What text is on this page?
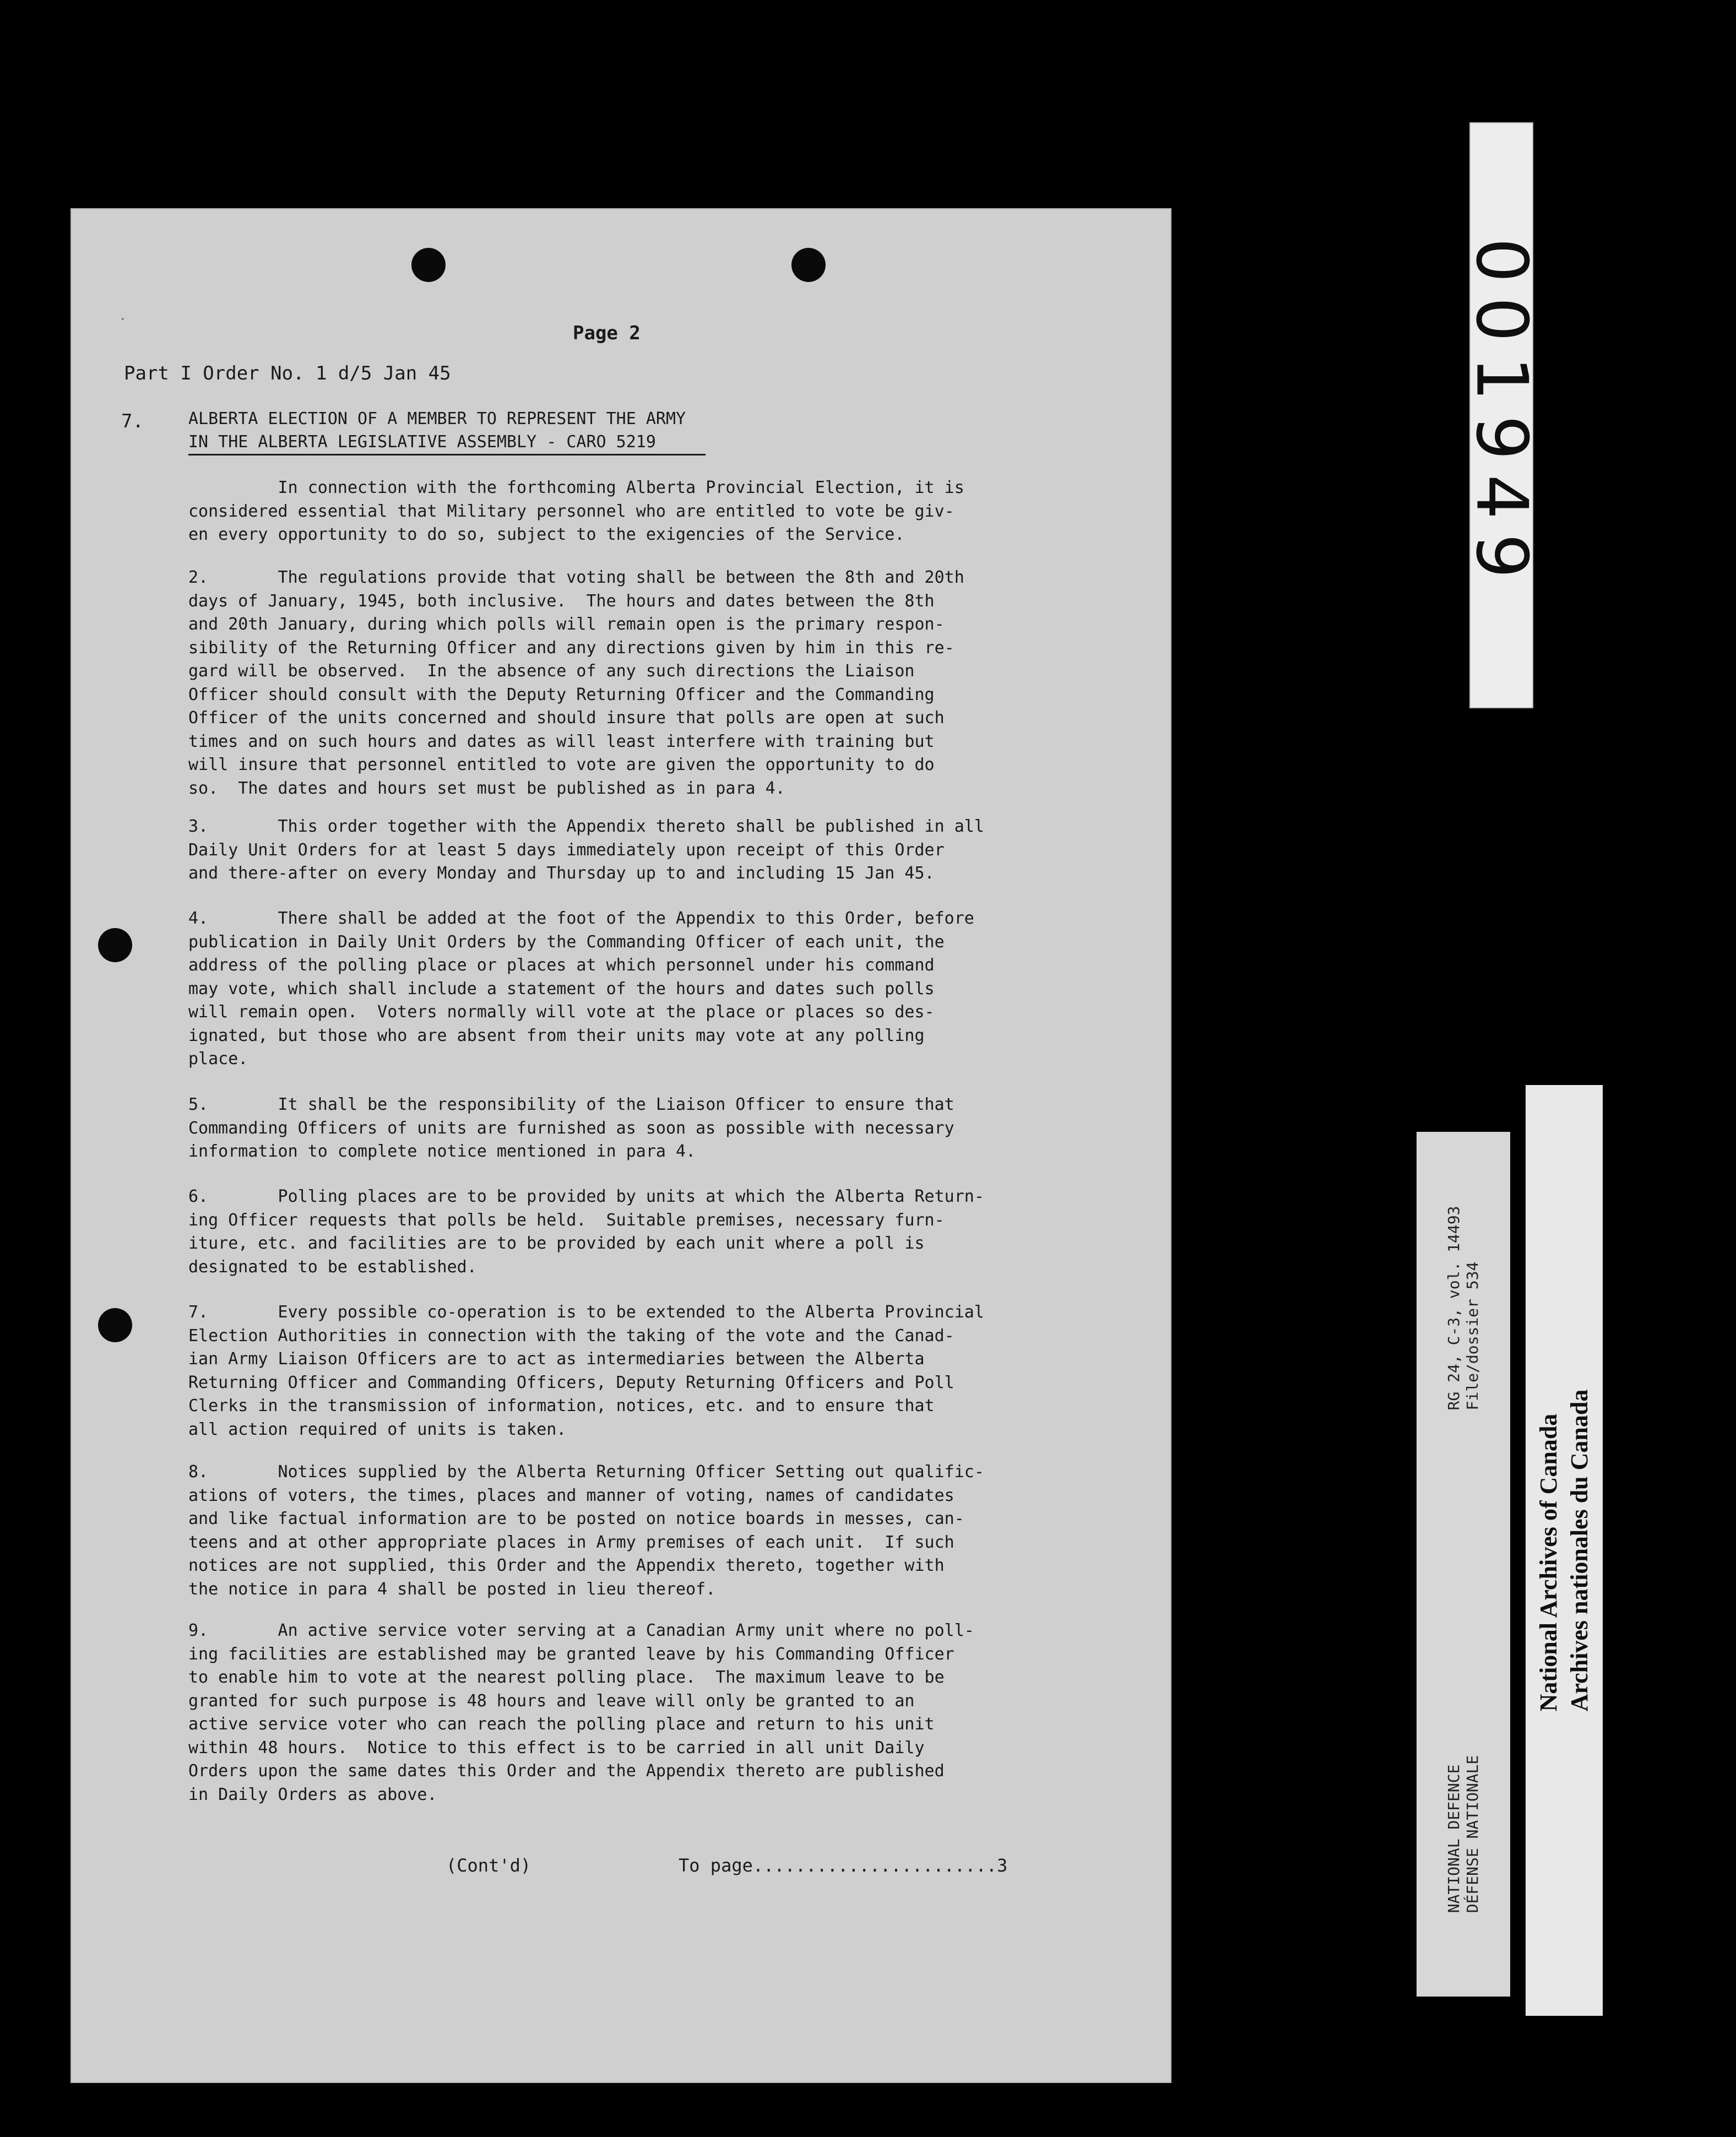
Page 2
Part I Order No. 1 d/5 Jan 45
7.	ALBERTA ELECTION OF A MEMBER TO REPRESENT THE ARMY
IN THE ALBERTA LEGISLATIVE ASSEMBLY - CARO 5219
In connection with the forthcoming Alberta Provincial Election, it is
considered essential that Military personnel who are entitled to vote be giv-
en every opportunity to do so, subject to the exigencies of the Service.
2.       The regulations provide that voting shall be between the 8th and 20th
days of January, 1945, both inclusive.  The hours and dates between the 8th
and 20th January, during which polls will remain open is the primary respon-
sibility of the Returning Officer and any directions given by him in this re-
gard will be observed.  In the absence of any such directions the Liaison
Officer should consult with the Deputy Returning Officer and the Commanding
Officer of the units concerned and should insure that polls are open at such
times and on such hours and dates as will least interfere with training but
will insure that personnel entitled to vote are given the opportunity to do
so.  The dates and hours set must be published as in para 4.
3.       This order together with the Appendix thereto shall be published in all
Daily Unit Orders for at least 5 days immediately upon receipt of this Order
and there-after on every Monday and Thursday up to and including 15 Jan 45.
4.       There shall be added at the foot of the Appendix to this Order, before
publication in Daily Unit Orders by the Commanding Officer of each unit, the
address of the polling place or places at which personnel under his command
may vote, which shall include a statement of the hours and dates such polls
will remain open.  Voters normally will vote at the place or places so des-
ignated, but those who are absent from their units may vote at any polling
place.
5.       It shall be the responsibility of the Liaison Officer to ensure that
Commanding Officers of units are furnished as soon as possible with necessary
information to complete notice mentioned in para 4.
6.       Polling places are to be provided by units at which the Alberta Return-
ing Officer requests that polls be held.  Suitable premises, necessary furn-
iture, etc. and facilities are to be provided by each unit where a poll is
designated to be established.
7.       Every possible co-operation is to be extended to the Alberta Provincial
Election Authorities in connection with the taking of the vote and the Canad-
ian Army Liaison Officers are to act as intermediaries between the Alberta
Returning Officer and Commanding Officers, Deputy Returning Officers and Poll
Clerks in the transmission of information, notices, etc. and to ensure that
all action required of units is taken.
8.       Notices supplied by the Alberta Returning Officer Setting out qualific-
ations of voters, the times, places and manner of voting, names of candidates
and like factual information are to be posted on notice boards in messes, can-
teens and at other appropriate places in Army premises of each unit.  If such
notices are not supplied, this Order and the Appendix thereto, together with
the notice in para 4 shall be posted in lieu thereof.
9.       An active service voter serving at a Canadian Army unit where no poll-
ing facilities are established may be granted leave by his Commanding Officer
to enable him to vote at the nearest polling place.  The maximum leave to be
granted for such purpose is 48 hours and leave will only be granted to an
active service voter who can reach the polling place and return to his unit
within 48 hours.  Notice to this effect is to be carried in all unit Daily
Orders upon the same dates this Order and the Appendix thereto are published
in Daily Orders as above.
(Cont'd)	To page.......................3
·	001949
RG 24, C-3, vol. 14493
File/dossier 534
NATIONAL DEFENCE
DÉFENSE NATIONALE
National Archives of Canada
Archives nationales du Canada
